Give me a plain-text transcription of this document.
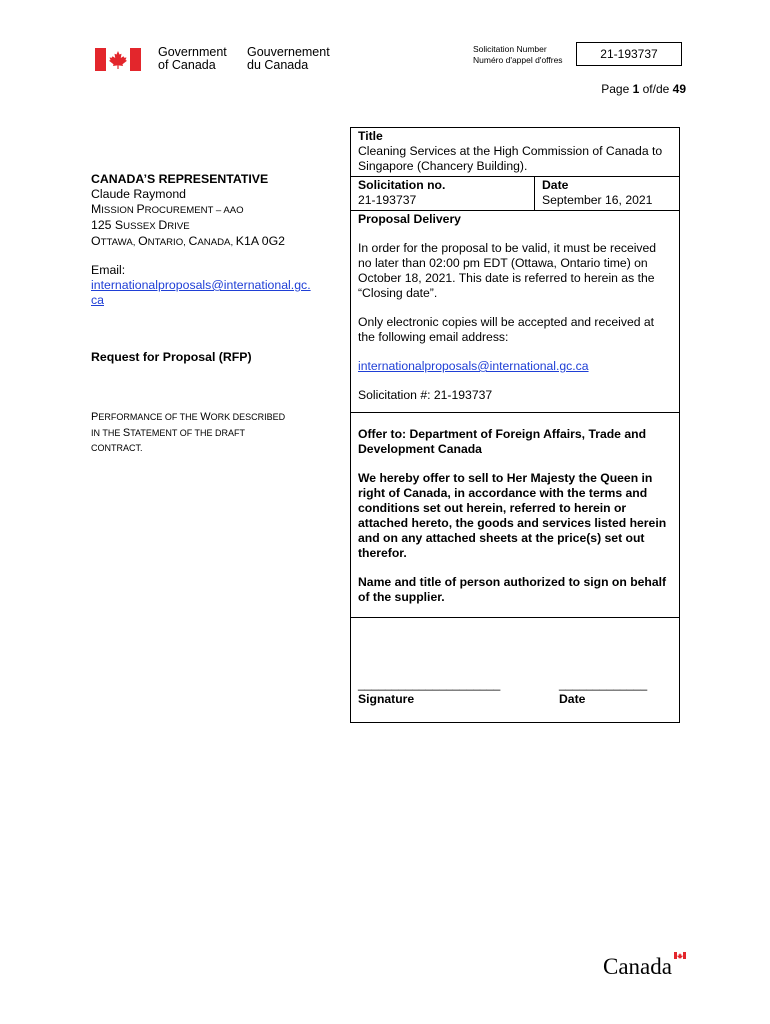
Government
of Canada
Gouvernement
du Canada
Solicitation Number
Numéro d'appel d'offres	21-193737
Page 1 of/de 49
CANADA’S REPRESENTATIVE
Claude Raymond
MISSION PROCUREMENT – AAO
125 SUSSEX DRIVE
OTTAWA, ONTARIO, CANADA, K1A 0G2
Email:
internationalproposals@international.gc.
ca
Request for Proposal (RFP)
PERFORMANCE OF THE WORK DESCRIBED
IN THE STATEMENT OF THE DRAFT
CONTRACT.
Title
Cleaning Services at the High Commission of Canada to Singapore (Chancery Building).
Solicitation no.
21-193737
Date
September 16, 2021
Proposal Delivery

In order for the proposal to be valid, it must be received no later than 02:00 pm EDT (Ottawa, Ontario time) on October 18, 2021. This date is referred to herein as the “Closing date”.

Only electronic copies will be accepted and received at the following email address:

internationalproposals@international.gc.ca

Solicitation #: 21-193737

Offer to: Department of Foreign Affairs, Trade and Development Canada

We hereby offer to sell to Her Majesty the Queen in right of Canada, in accordance with the terms and conditions set out herein, referred to herein or attached hereto, the goods and services listed herein and on any attached sheets at the price(s) set out therefor.

Name and title of person authorized to sign on behalf of the supplier.

_____________________
Signature
_____________
Date
Canada
